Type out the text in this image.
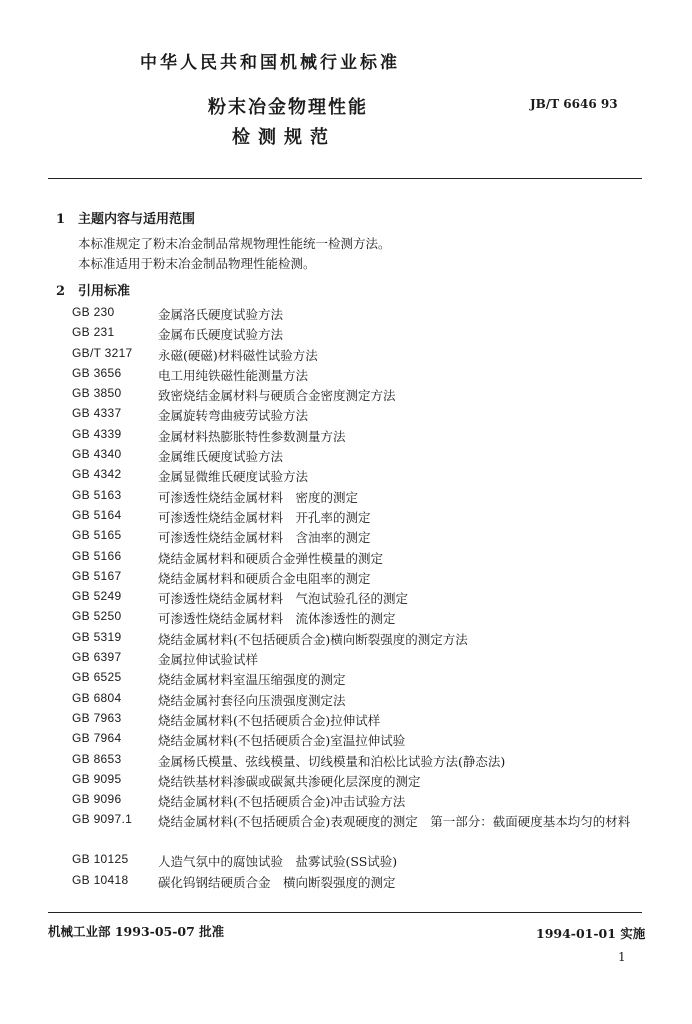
中华人民共和国机械行业标准
粉末冶金物理性能
检测规范
JB/T 6646 93
1 主题内容与适用范围
本标准规定了粉末冶金制品常规物理性能统一检测方法。
本标准适用于粉末冶金制品物理性能检测。
2 引用标准
GB 230	金属洛氏硬度试验方法
GB 231	金属布氏硬度试验方法
GB/T 3217	永磁(硬磁)材料磁性试验方法
GB 3656	电工用纯铁磁性能测量方法
GB 3850	致密烧结金属材料与硬质合金密度测定方法
GB 4337	金属旋转弯曲疲劳试验方法
GB 4339	金属材料热膨胀特性参数测量方法
GB 4340	金属维氏硬度试验方法
GB 4342	金属显微维氏硬度试验方法
GB 5163	可渗透性烧结金属材料　密度的测定
GB 5164	可渗透性烧结金属材料　开孔率的测定
GB 5165	可渗透性烧结金属材料　含油率的测定
GB 5166	烧结金属材料和硬质合金弹性模量的测定
GB 5167	烧结金属材料和硬质合金电阻率的测定
GB 5249	可渗透性烧结金属材料　气泡试验孔径的测定
GB 5250	可渗透性烧结金属材料　流体渗透性的测定
GB 5319	烧结金属材料(不包括硬质合金)横向断裂强度的测定方法
GB 6397	金属拉伸试验试样
GB 6525	烧结金属材料室温压缩强度的测定
GB 6804	烧结金属衬套径向压溃强度测定法
GB 7963	烧结金属材料(不包括硬质合金)拉伸试样
GB 7964	烧结金属材料(不包括硬质合金)室温拉伸试验
GB 8653	金属杨氏模量、弦线模量、切线模量和泊松比试验方法(静态法)
GB 9095	烧结铁基材料渗碳或碳氮共渗硬化层深度的测定
GB 9096	烧结金属材料(不包括硬质合金)冲击试验方法
GB 9097.1	烧结金属材料(不包括硬质合金)表观硬度的测定　第一部分：截面硬度基本均匀的材料
GB 10125	人造气氛中的腐蚀试验　盐雾试验(SS试验)
GB 10418	碳化钨钢结硬质合金　横向断裂强度的测定
机械工业部 1993-05-07 批准	1994-01-01 实施
1
